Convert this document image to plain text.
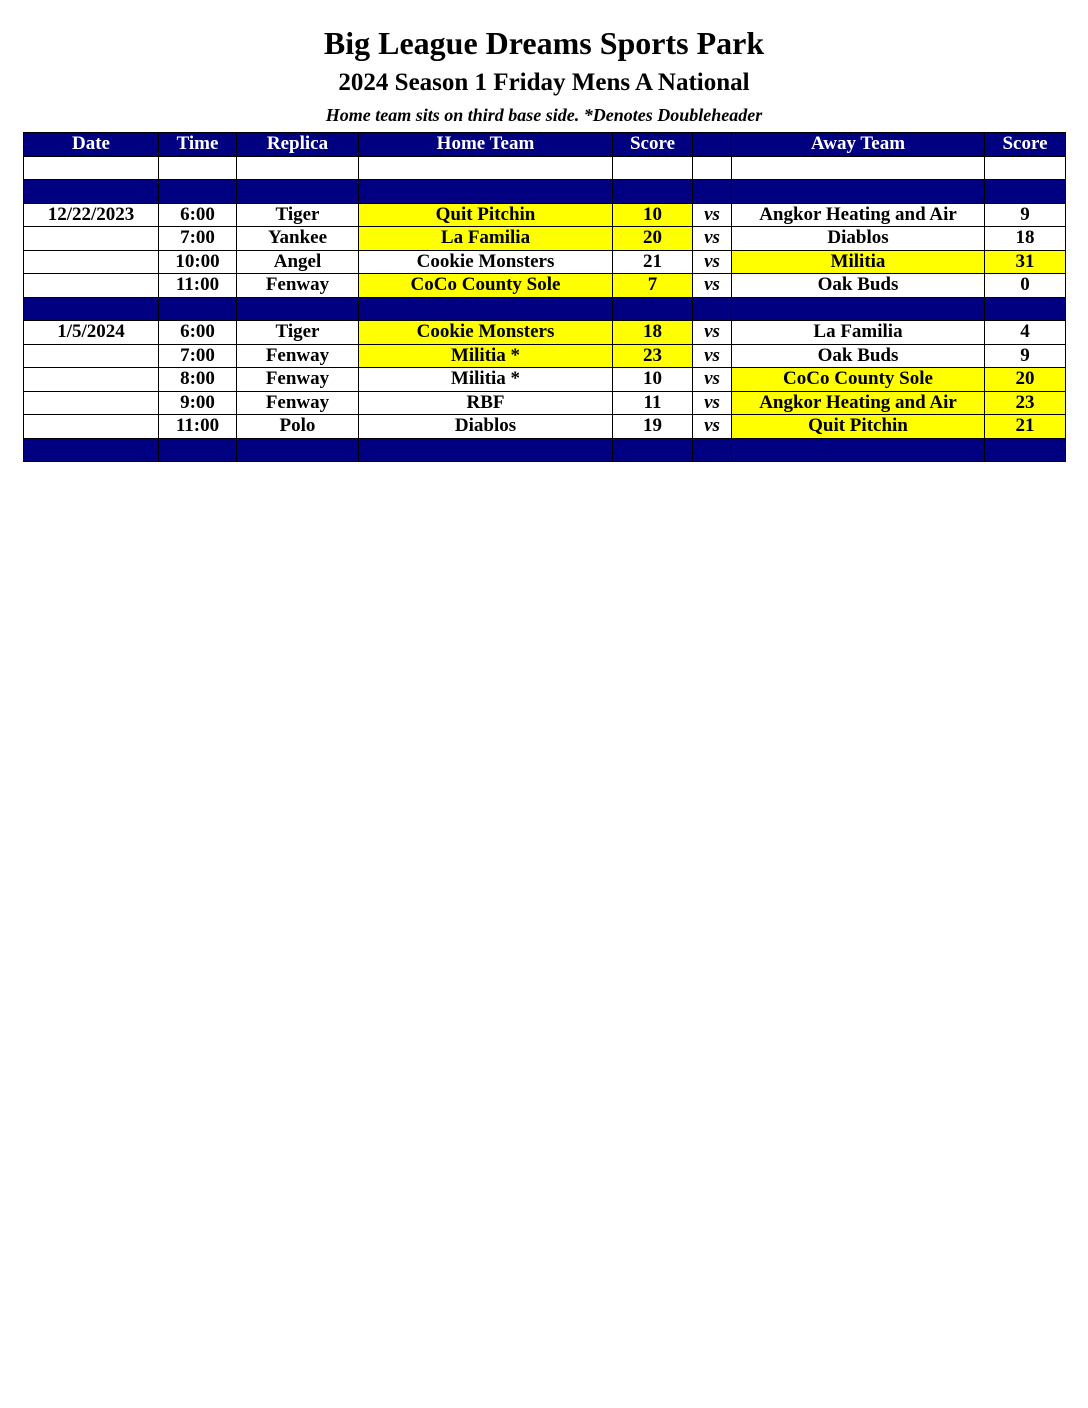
Big League Dreams Sports Park
2024 Season 1 Friday Mens A National
Home team sits on third base side. *Denotes Doubleheader
Date	Time	Replica	Home Team	Score		Away Team	Score

12/22/2023	6:00	Tiger	Quit Pitchin	10	vs	Angkor Heating and Air	9
	7:00	Yankee	La Familia	20	vs	Diablos	18
	10:00	Angel	Cookie Monsters	21	vs	Militia	31
	11:00	Fenway	CoCo County Sole	7	vs	Oak Buds	0

1/5/2024	6:00	Tiger	Cookie Monsters	18	vs	La Familia	4
	7:00	Fenway	Militia *	23	vs	Oak Buds	9
	8:00	Fenway	Militia *	10	vs	CoCo County Sole	20
	9:00	Fenway	RBF	11	vs	Angkor Heating and Air	23
	11:00	Polo	Diablos	19	vs	Quit Pitchin	21
